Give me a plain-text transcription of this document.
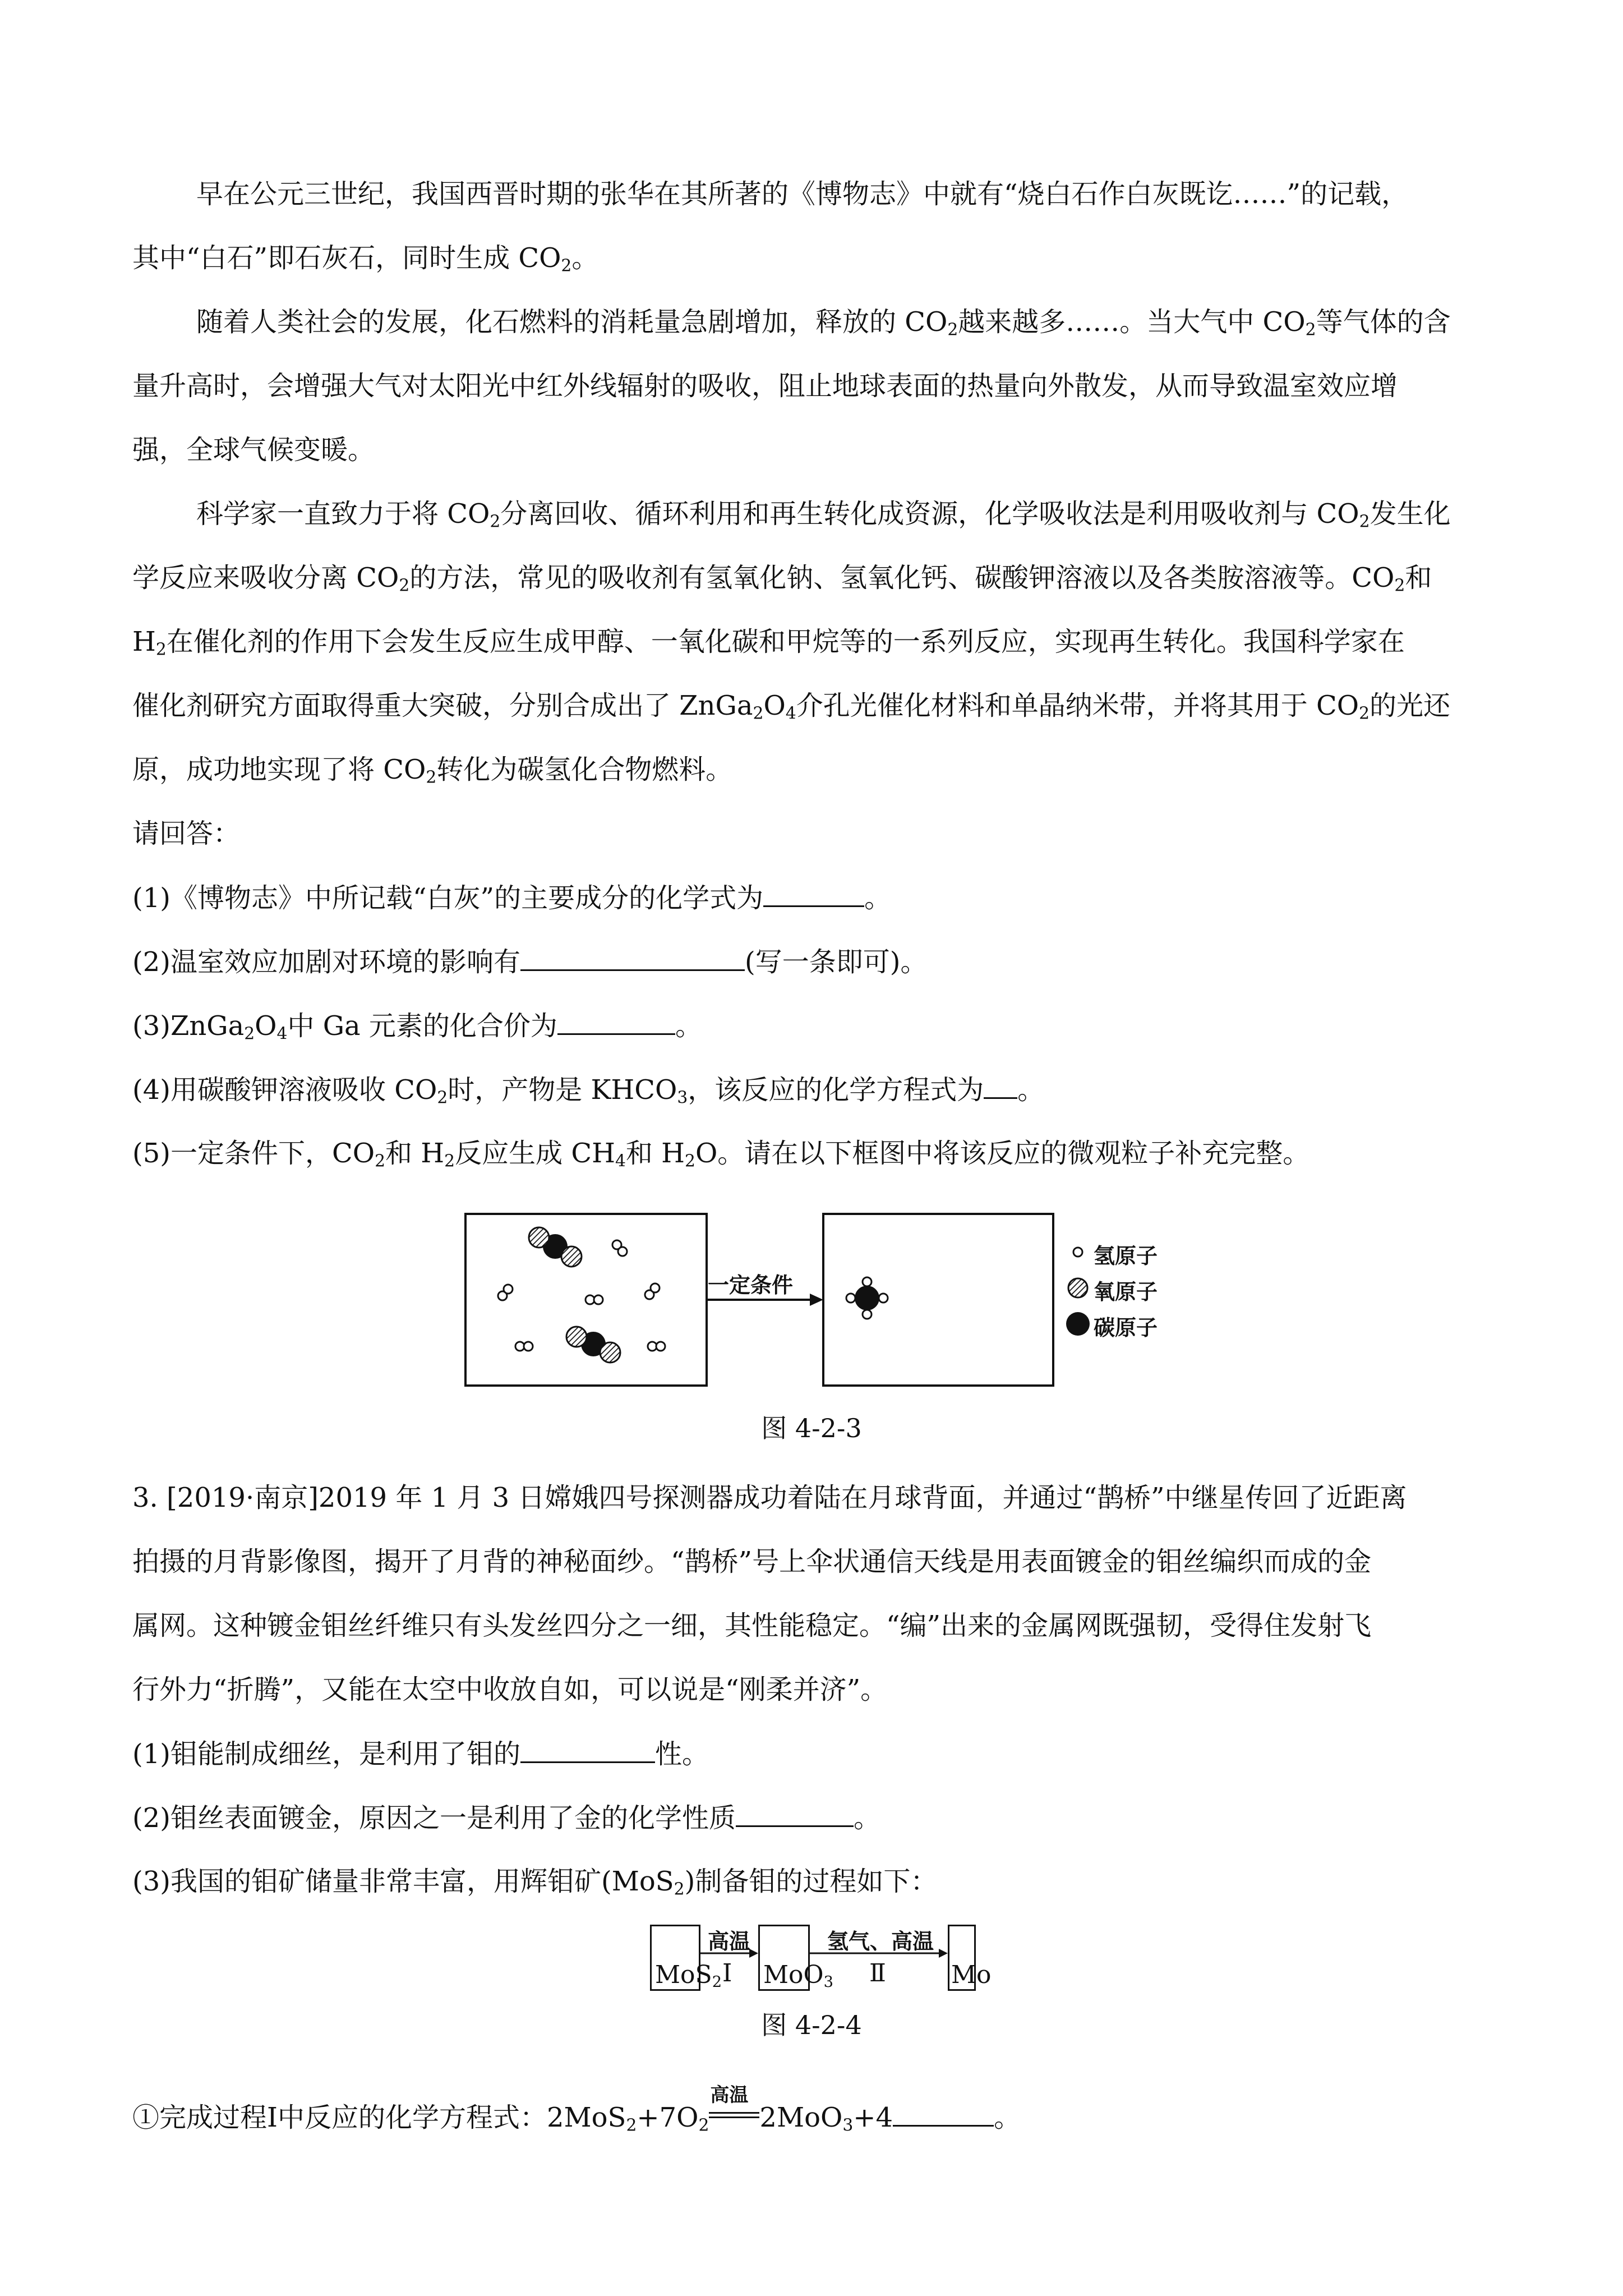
早在公元三世纪，我国西晋时期的张华在其所著的《博物志》中就有“烧白石作白灰既讫……”的记载，
其中“白石”即石灰石，同时生成 $CO_2$。
随着人类社会的发展，化石燃料的消耗量急剧增加，释放的 $CO_2$越来越多……。当大气中 $CO_2$等气体的含
量升高时，会增强大气对太阳光中红外线辐射的吸收，阻止地球表面的热量向外散发，从而导致温室效应增
强，全球气候变暖。
科学家一直致力于将 $CO_2$分离回收、循环利用和再生转化成资源，化学吸收法是利用吸收剂与 $CO_2$发生化
学反应来吸收分离 $CO_2$的方法，常见的吸收剂有氢氧化钠、氢氧化钙、碳酸钾溶液以及各类胺溶液等。$CO_2$和
$H_2$在催化剂的作用下会发生反应生成甲醇、一氧化碳和甲烷等的一系列反应，实现再生转化。我国科学家在
催化剂研究方面取得重大突破，分别合成出了 $ZnGa_2O_4$介孔光催化材料和单晶纳米带，并将其用于 $CO_2$的光还
原，成功地实现了将 $CO_2$转化为碳氢化合物燃料。
请回答：
(1)《博物志》中所记载“白灰”的主要成分的化学式为	。
(2)温室效应加剧对环境的影响有	(写一条即可)。
$(3)ZnGa_2O_4$中 Ga 元素的化合价为	。
(4)用碳酸钾溶液吸收 $CO_2$时，产物是 $KHCO_3$，该反应的化学方程式为 。
(5)一定条件下，$CO_2$和 $H_2$反应生成 $CH_4$和 $H_2O$。请在以下框图中将该反应的微观粒子补充完整。
一定条件
氢原子
氧原子
碳原子
图 4-2-3
3. [2019·南京]2019 年 1 月 3 日嫦娥四号探测器成功着陆在月球背面，并通过“鹊桥”中继星传回了近距离
拍摄的月背影像图，揭开了月背的神秘面纱。“鹊桥”号上伞状通信天线是用表面镀金的钼丝编织而成的金
属网。这种镀金钼丝纤维只有头发丝四分之一细，其性能稳定。“编”出来的金属网既强韧，受得住发射飞
行外力“折腾”，又能在太空中收放自如，可以说是“刚柔并济”。
(1)钼能制成细丝，是利用了钼的	性。
(2)钼丝表面镀金，原因之一是利用了金的化学性质	。
(3)我国的钼矿储量非常丰富，用辉钼矿(MoS$_2$)制备钼的过程如下：
MoS$_2$ MoO$_3$	Mo
高温
Ⅰ
氢气、高温
Ⅱ
图 4-2-4
①完成过程Ⅰ中反应的化学方程式：$2MoS_2+7O_2$
高温
2MoO$_3$+4	。
